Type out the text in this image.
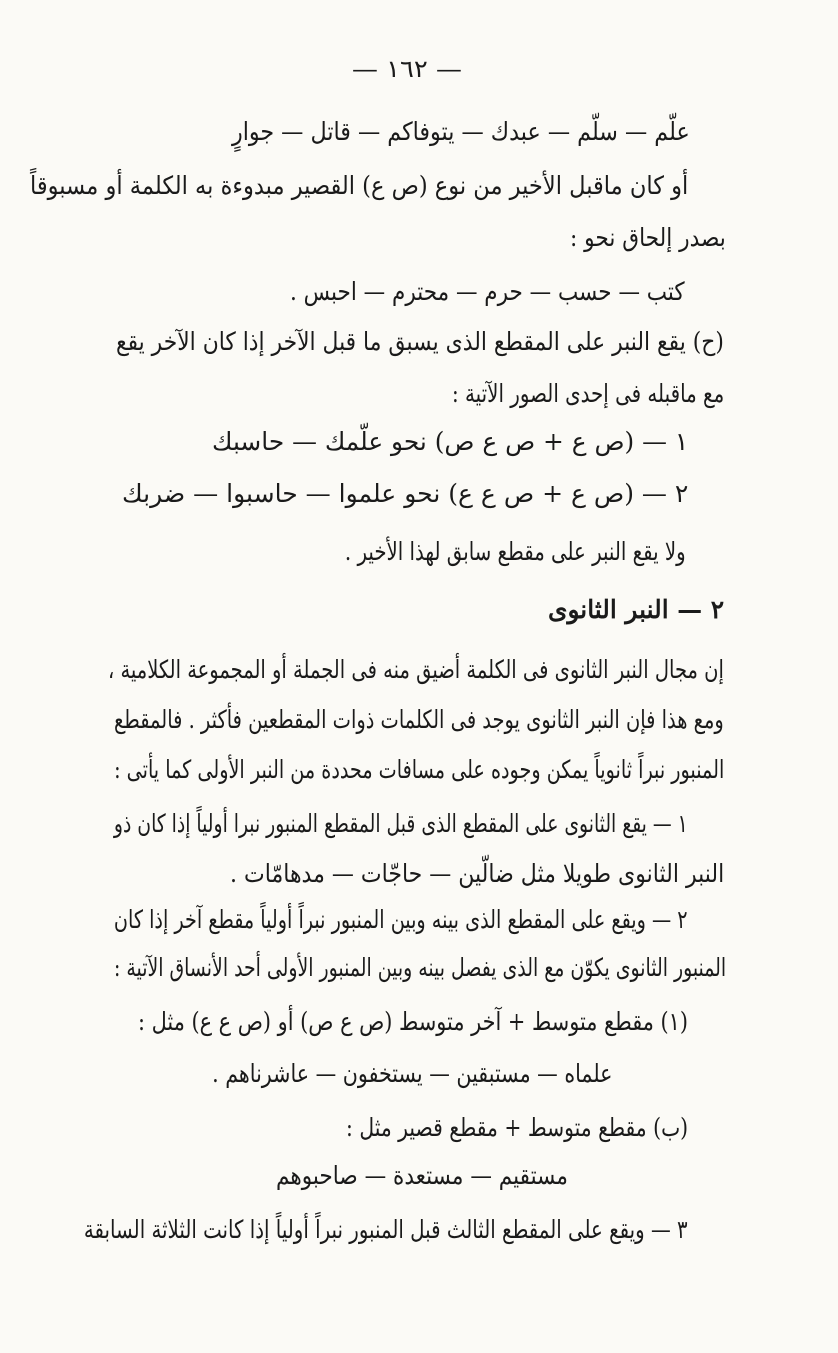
— ١٦٢ —
علّم — سلّم — عبدك — يتوفاكم — قاتل — جوارٍ
أو كان ماقبل الأخير من نوع (ص ع) القصير مبدوءة به الكلمة أو مسبوقاً
بصدر إلحاق نحو :
كتب — حسب — حرم — محترم — احبس .
(ح) يقع النبر على المقطع الذى يسبق ما قبل الآخر إذا كان الآخر يقع
مع ماقبله فى إحدى الصور الآتية :
١ — (ص ع + ص ع ص) نحو علّمك — حاسبك
٢ — (ص ع + ص ع ع) نحو علموا — حاسبوا — ضربك
ولا يقع النبر على مقطع سابق لهذا الأخير .
٢ — النبر الثانوى
إن مجال النبر الثانوى فى الكلمة أضيق منه فى الجملة أو المجموعة الكلامية ،
ومع هذا فإن النبر الثانوى يوجد فى الكلمات ذوات المقطعين فأكثر . فالمقطع
المنبور نبراً ثانوياً يمكن وجوده على مسافات محددة من النبر الأولى كما يأتى :
١ — يقع الثانوى على المقطع الذى قبل المقطع المنبور نبرا أولياً إذا كان ذو
النبر الثانوى طويلا مثل ضالّين — حاجّات — مدهامّات .
٢ — ويقع على المقطع الذى بينه وبين المنبور نبراً أولياً مقطع آخر إذا كان
المنبور الثانوى يكوّن مع الذى يفصل بينه وبين المنبور الأولى أحد الأنساق الآتية :
(١) مقطع متوسط + آخر متوسط (ص ع ص) أو (ص ع ع) مثل :
علماه — مستبقين — يستخفون — عاشرناهم .
(ب) مقطع متوسط + مقطع قصير مثل :
مستقيم — مستعدة — صاحبوهم
٣ — ويقع على المقطع الثالث قبل المنبور نبراً أولياً إذا كانت الثلاثة السابقة
